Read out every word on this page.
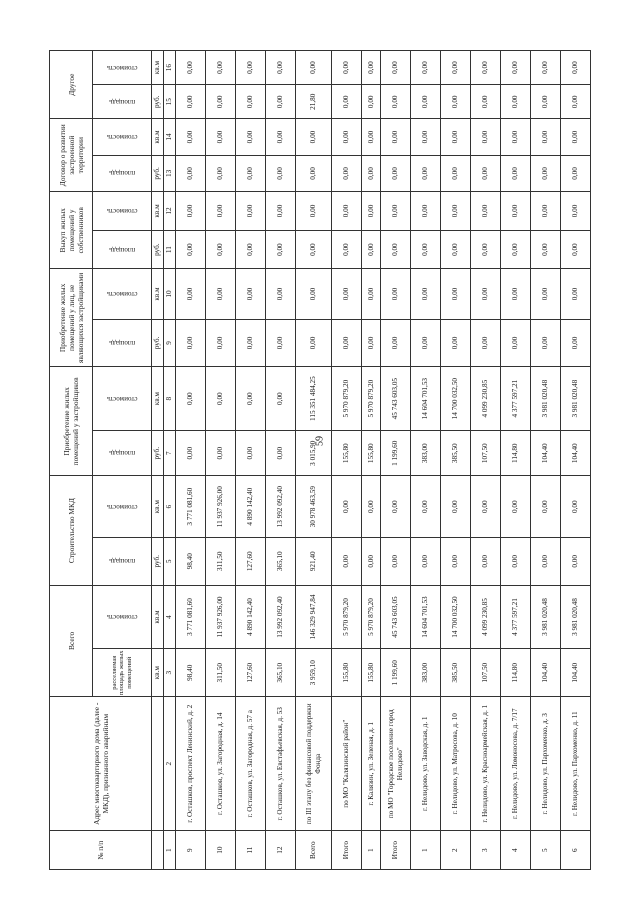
59
№ п/п	Адрес многоквартирного дома (далее - МКД), признанного аварийным	Всего		Строительство МКД		Приобретение жилых помещений у застройщиков		Приобретение жилых помещений у лиц, не являющихся застройщиками		Выкуп жилых помещений у собственников		Договор о развитии застроенной территории		Другое	
		расселяемая площадь жилых помещений	стоимость	площадь	стоимость	площадь	стоимость	площадь	стоимость	площадь	стоимость	площадь	стоимость	площадь	стоимость
		кв.м	кв.м	руб.	кв.м	руб.	кв.м	руб.	кв.м	руб.	кв.м	руб.	кв.м	руб.	кв.м
1	2	3	4	5	6	7	8	9	10	11	12	13	14	15	16
9	г. Осташков, проспект Ленинский, д. 2	98,40	3 771 081,60	98,40	3 771 081,60	0,00	0,00	0,00	0,00	0,00	0,00	0,00	0,00	0,00	0,00
10	г. Осташков, ул. Загородная, д. 14	311,50	11 937 926,00	311,50	11 937 926,00	0,00	0,00	0,00	0,00	0,00	0,00	0,00	0,00	0,00	0,00
11	г. Осташков, ул. Загородная, д. 57 а	127,60	4 890 142,40	127,60	4 890 142,40	0,00	0,00	0,00	0,00	0,00	0,00	0,00	0,00	0,00	0,00
12	г. Осташков, ул. Евстафьевская, д. 53	365,10	13 992 092,40	365,10	13 992 092,40	0,00	0,00	0,00	0,00	0,00	0,00	0,00	0,00	0,00	0,00
Всего	по III этапу без финансовой поддержки Фонда	3 959,10	146 329 947,84	921,40	30 978 463,59	3 015,90	115 351 484,25	0,00	0,00	0,00	0,00	0,00	0,00	21,80	0,00
Итого	по МО "Калязинский район"	155,80	5 970 879,20	0,00	0,00	155,80	5 970 879,20	0,00	0,00	0,00	0,00	0,00	0,00	0,00	0,00
1	г. Калязин, ул. Зеленая, д. 1	155,80	5 970 879,20	0,00	0,00	155,80	5 970 879,20	0,00	0,00	0,00	0,00	0,00	0,00	0,00	0,00
Итого	по МО "Городское поселение город Нелидово"	1 199,60	45 743 603,05	0,00	0,00	1 199,60	45 743 603,05	0,00	0,00	0,00	0,00	0,00	0,00	0,00	0,00
1	г. Нелидово, ул. Заводская, д. 1	383,00	14 604 701,53	0,00	0,00	383,00	14 604 701,53	0,00	0,00	0,00	0,00	0,00	0,00	0,00	0,00
2	г. Нелидово, ул. Матросова, д. 10	385,50	14 700 032,50	0,00	0,00	385,50	14 700 032,50	0,00	0,00	0,00	0,00	0,00	0,00	0,00	0,00
3	г. Нелидово, ул. Красноармейская, д. 1	107,50	4 099 230,85	0,00	0,00	107,50	4 099 230,85	0,00	0,00	0,00	0,00	0,00	0,00	0,00	0,00
4	г. Нелидово, ул. Ломоносова, д. 7/17	114,80	4 377 597,21	0,00	0,00	114,80	4 377 597,21	0,00	0,00	0,00	0,00	0,00	0,00	0,00	0,00
5	г. Нелидово, ул. Пархоменко, д. 3	104,40	3 981 020,48	0,00	0,00	104,40	3 981 020,48	0,00	0,00	0,00	0,00	0,00	0,00	0,00	0,00
6	г. Нелидово, ул. Пархоменко, д. 11	104,40	3 981 020,48	0,00	0,00	104,40	3 981 020,48	0,00	0,00	0,00	0,00	0,00	0,00	0,00	0,00
